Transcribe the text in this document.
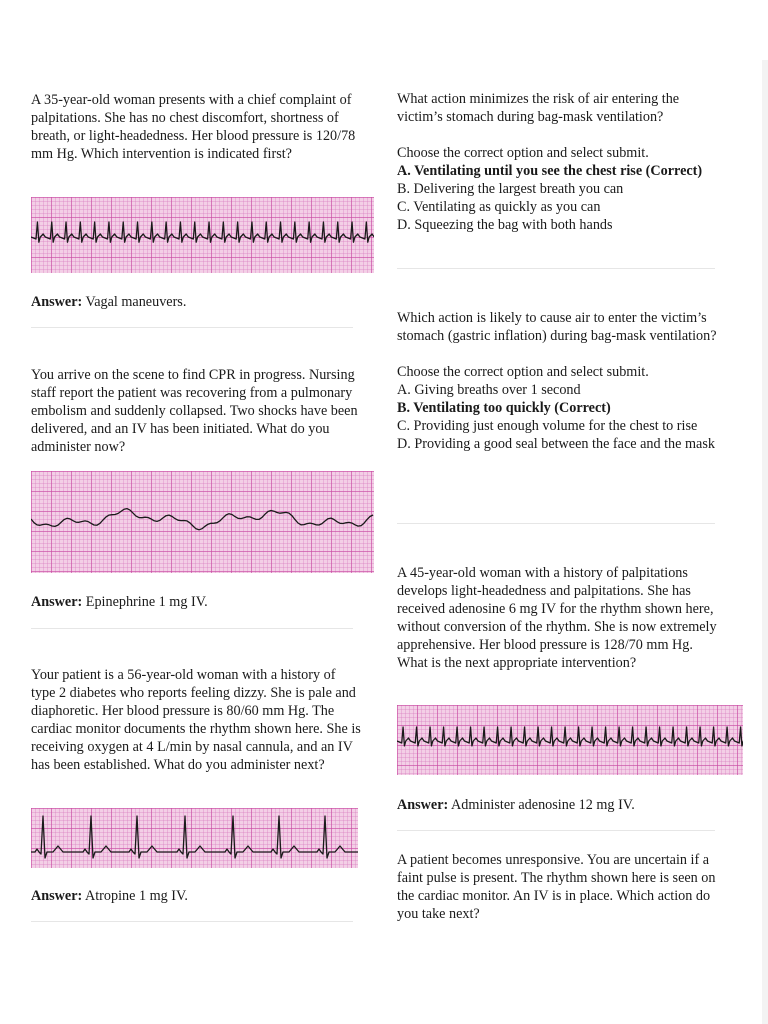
A 35-year-old woman presents with a chief complaint of palpitations. She has no chest discomfort, shortness of breath, or light-headedness. Her blood pressure is 120/78 mm Hg. Which intervention is indicated first?

Answer: Vagal maneuvers.

You arrive on the scene to find CPR in progress. Nursing staff report the patient was recovering from a pulmonary embolism and suddenly collapsed. Two shocks have been delivered, and an IV has been initiated. What do you administer now?

Answer: Epinephrine 1 mg IV.

Your patient is a 56-year-old woman with a history of type 2 diabetes who reports feeling dizzy. She is pale and diaphoretic. Her blood pressure is 80/60 mm Hg. The cardiac monitor documents the rhythm shown here. She is receiving oxygen at 4 L/min by nasal cannula, and an IV has been established. What do you administer next?

Answer: Atropine 1 mg IV.

What action minimizes the risk of air entering the victim’s stomach during bag-mask ventilation?

Choose the correct option and select submit.

A. Ventilating until you see the chest rise (Correct)

B. Delivering the largest breath you can

C. Ventilating as quickly as you can

D. Squeezing the bag with both hands

Which action is likely to cause air to enter the victim’s stomach (gastric inflation) during bag-mask ventilation?

Choose the correct option and select submit.

A. Giving breaths over 1 second

B. Ventilating too quickly (Correct)

C. Providing just enough volume for the chest to rise

D. Providing a good seal between the face and the mask

A 45-year-old woman with a history of palpitations develops light-headedness and palpitations. She has received adenosine 6 mg IV for the rhythm shown here, without conversion of the rhythm. She is now extremely apprehensive. Her blood pressure is 128/70 mm Hg. What is the next appropriate intervention?

Answer: Administer adenosine 12 mg IV.

A patient becomes unresponsive. You are uncertain if a faint pulse is present. The rhythm shown here is seen on the cardiac monitor. An IV is in place. Which action do you take next?
